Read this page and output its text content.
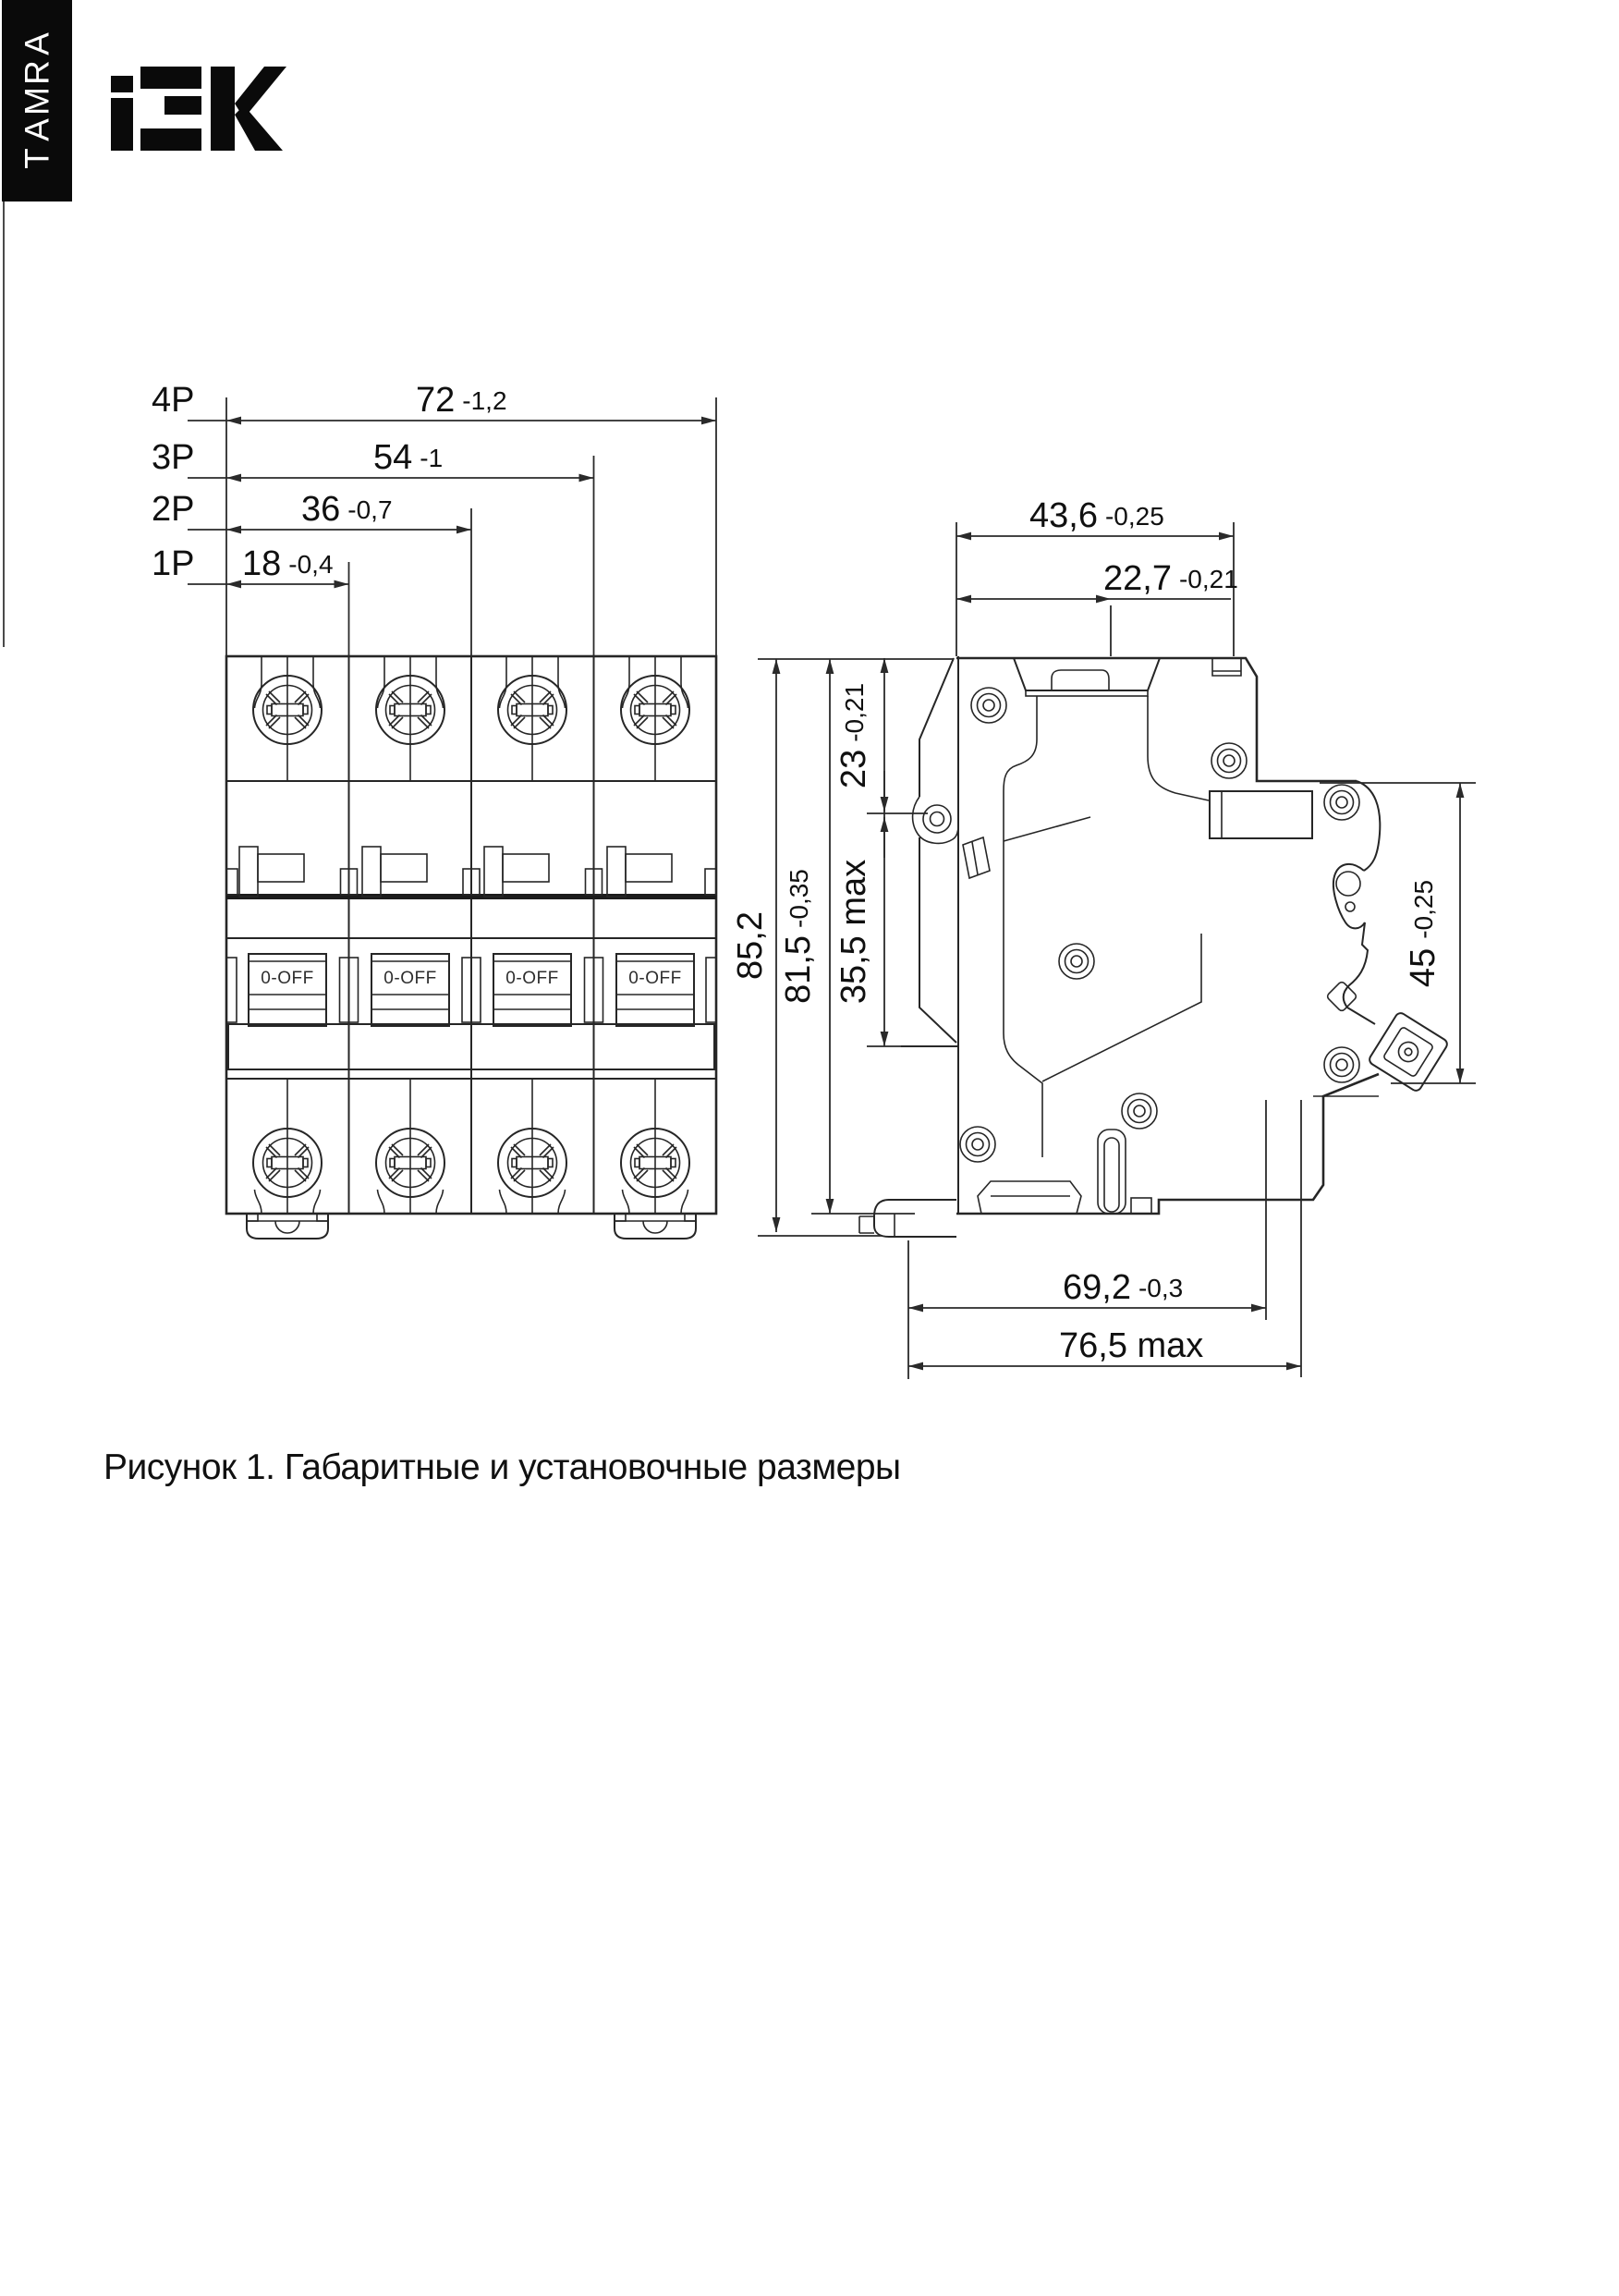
A
R
M
A
T
0-OFF	0-OFF	0-OFF	0-OFF
4P	72 -1,2
3P	54 -1
2P	36 -0,7
1P 18 -0,4
43,6 -0,25
22,7 -0,21
85,2 81,5-0,35
23-0,21
35,5 max	45-0,25
69,2 -0,3
76,5 max
Рисунок 1. Габаритные и установочные размеры
